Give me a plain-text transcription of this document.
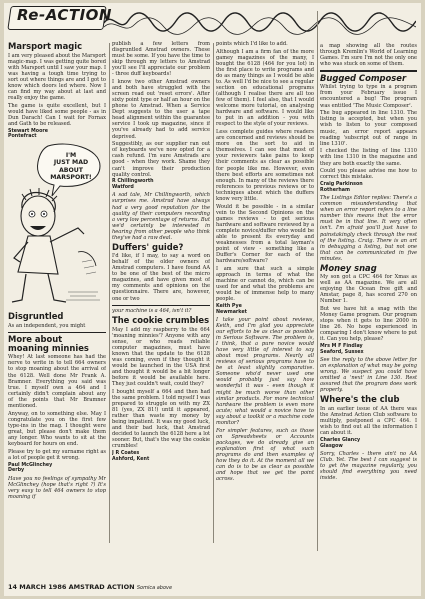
Re-ACTION
Marsport magic

I am very pleased about the Marsport magic-map. I was getting quite bored with Marsport until I saw your map. I was having a tough time trying to sort out where things are and I got to know which doors led where. Now I can find my way about at last and really enjoy the game.

The game is quite excellent, but I would have liked some people - as in Dun Darach! Can I wait for Fornax and Gath to be released.

Stewart Moore
Pontefract

I'M
JUST MAD ABOUT
MARSPORT!
Disgruntled

As an independent, you might

More about moaning minnies

Whey! At last someone has had the nerve to write in to tell 664 owners to stop moaning about the arrival of the 6128. Well done Mr Frank A. Bramner. Everything you said was true. I myself own a 464 and I certainly didn't complain about any of the points that Mr Bramner mentioned.

Anyway, on to something else. May I congratulate you on the first few type-ins in the mag. I thought were great, but please don't make them any longer. Who wants to sit at the keyboard for hours on end.

Please try to get my surname right as a lot of people get it wrong.

Paul McGlinchey
Derby

Have you no feelings of sympathy Mr McGlinchey (hope that's right ?) It's very easy to tell 464 owners to stop moaning if

publish a few letters from disgruntled Amstrad owners. These must be some. If you have the time to skip through my letters to Amstrad you'll see I'll appreciate our problem - three duff keyboards!

I know two other Amstrad owners and both have struggled with the screen read out 'reset errors'. After sixty point type or half an hour on the phone to Amstrad. When a Service Dept suggests to the user a tape head alignment within the guarantee service I took up magazine, since if you've already had to add service deprived.

Suggestibly, as our supplier ran out of keyboards we've now opted for a cash refund. I'm sure Amstrads are good - when they work. Shame they can't improve their production quality control.

R Chillingworth
Watford

A sad tale, Mr Chillingworth, which surprises me. Amstrad have always had a very good reputation for the quality of their computers recording a very low percentage of returns. But we'd certainly be interested in hearing from other people who think they've had a raw deal.

Duffers' guide?

I'd like, if I may, to say a word on behalf of the older owners of Amstrad computers. I have found AA to be one of the best of the micro magazines, and have given most of my comments and opinions on the questionnaire. There are, however, one or two

your machine is a 464, isn't it?

The cookie crumbles

May I add my raspberry to the 664 'moaning minnies'? Anyone with any sense, or who reads reliable computer magazines, must have known that the update to the 6128 was coming, even if they thought it would be launched in the USA first and thought it would be a bit longer before it would be available here. They just couldn't wait, could they?

I bought myself a 664 and then had the same problem. I told myself I was prepared to struggle on with my ZX 81 (yes, ZX 81!) until it appeared, rather than waste my money by being impatient. It was my good luck, and their bad luck, that Amstrad decided to launch the 6128 here a lot sooner. But, that's the way the cookie crumbles!

J R Coates
Ashford, Kent

points which I'd like to add.

Although I am a firm fan of the more gamey magazines of the many, I bought the 6128 (464 for you lot) in the first place to write programs and do as many things as I would be able to. As well I'd be nice to see a regular section on educational programs (although I realise there are all too few of them). I feel also, that I would welcome more tutorial, on analysing hardware and software. I would like to put in an addition - you with respect to the style of your reviews.

Less complete guides where readers are concerned and reviews should be more on the sort to aid in themselves. I can see that most of your reviewers take pains to keep their comments as clear as possible for people like me. However, even there best efforts are sometimes not enough. In many of the reviews there references to previous reviews or to techniques about which the duffers know very little.

Would it be possible - in a similar vein to the Second Opinions on the games reviews - to get serious hardware and software reviewed by a complete novice/duffer who would be able to present its everyday and weaknesses from a total layman's point of view - something like a Duffer's Corner for each of the hardware/software?

I am sure that such a simple approach in terms of what the machine or cannot do, which can be used for and what the problems are would be of immense help to many people.

Keith Pye
Newmarket

I take your point about reviews, Keith, and I'm glad you appreciate our efforts to be as clear as possible in Serious Software. The problem is, I think, that a pure novice would have very little of interest to say about most programs. Nearly all reviews of serious programs have to be at least slightly comparative. Someone who'd never used one would probably just say how wonderful it was - even though it might be much worse than other similar products. For more technical hardware the problem is even more acute; what would a novice have to say about a toolkit or a machine code monitor?

For simpler features, such as those on Spreadsheets or Accounts packages, we do already give an explanation first of what such programs do and then examples of how they do it. At the moment all we can do is to be as clear as possible and hope that we get the point across.

a map showing all the routes through Kremlin's World of Learning Games. I'm sure I'm not the only one who was stuck on some of them.

Bugged Composer

Whilst trying to type in a program from your February issue I encountered a bug! The program was entitled 'The Music Composer'.

The bug appeared in line 1310. The listing is accepted, but when you wish to listen to your composed music, an error report appears reading 'subscript out of range in line 1310'.

I checked the listing of line 1310 with line 1310 in the magazine and they are both exactly the same.

Could you please advise me how to correct this mistake.

Craig Parkinson
Rotherham

The Listings Editor replies: There's a common misunderstanding that when an error report refers to a line number this means that the error must be in that line. It very often isn't. I'm afraid you'll just have to painstakingly check through the rest of the listing. Craig. There is an art in debugging a listing, but not one that can be communicated in five minutes.

Money snag

My son got a CPC 464 for Xmas as well as AA magazine. We are all enjoying the Ocean free gift and Amstar, page 8, has scored 270 on Number 1.

But we have hit a snag with the Money Game program. Our program stops when it gets to line 2000 in line 26. No hope experienced in comparing I don't know where to put it. Can you help, please?

Mrs M F Findlay
Seaford, Sussex

See the reply to the above letter for an explanation of what may be going wrong. We suspect you could have omitted a 'next' in Line 130. Rest assured that the program does work properly.

Where's the club

In an earlier issue of AA there was the Amstrad Action Club software to multiply, postponed a CPC 464. I wish to find out all the information I can about it.

Charles Glancy
Glasgow

Sorry, Charles - there ain't no AA Club. Yet. The best I can suggest is to get the magazine regularly, you should find everything you need inside.

14 MARCH 1986 AMSTRAD ACTION Somica above
